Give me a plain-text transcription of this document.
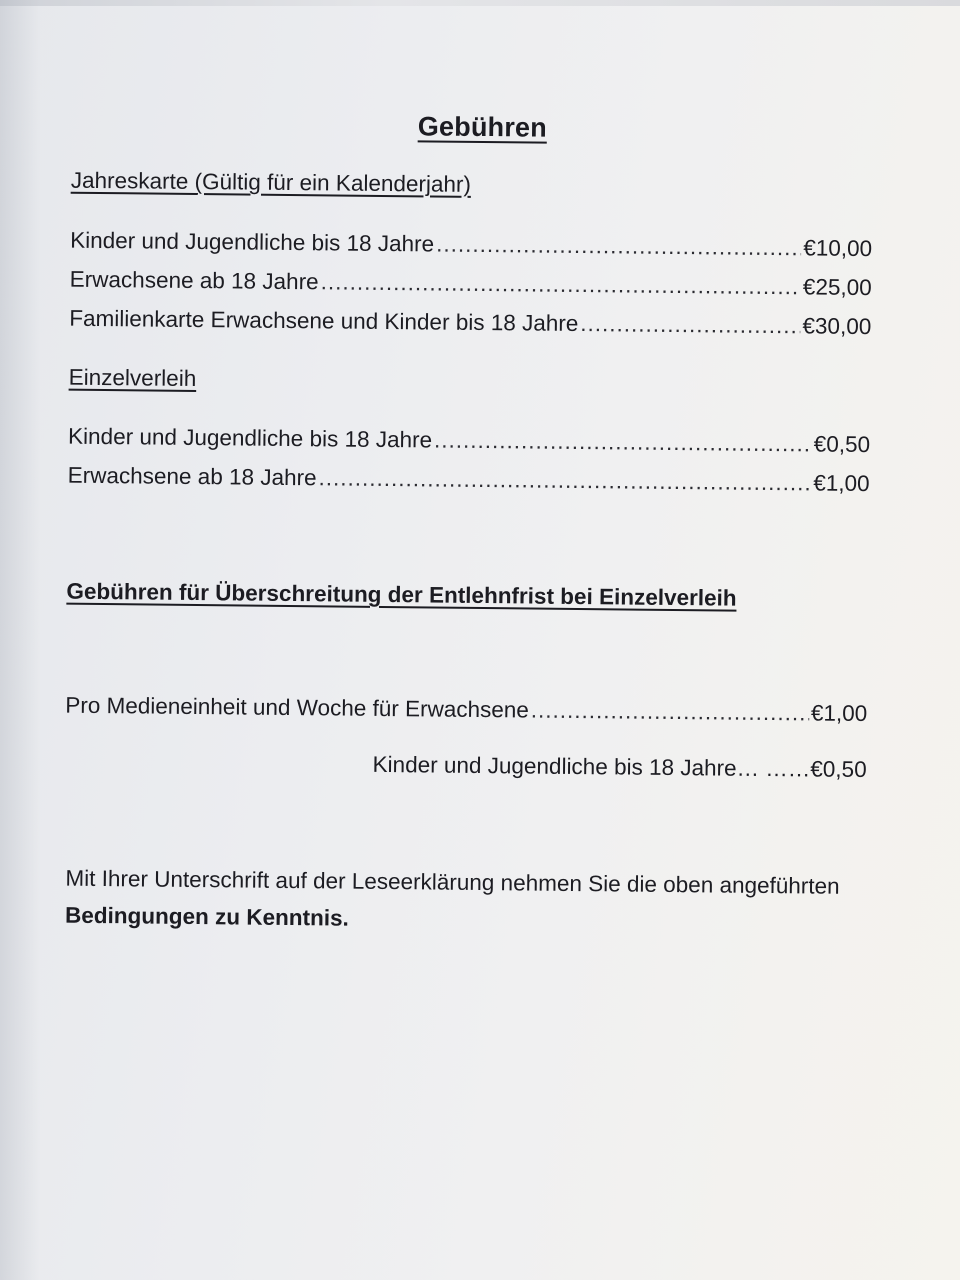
Gebühren
Jahreskarte (Gültig für ein Kalenderjahr)
Kinder und Jugendliche bis 18 Jahre .....	€10,00
Erwachsene ab 18 Jahre .....	€25,00
Familienkarte Erwachsene und Kinder bis 18 Jahre .....	€30,00
Einzelverleih
Kinder und Jugendliche bis 18 Jahre .....	€0,50
Erwachsene ab 18 Jahre .....	€1,00
Gebühren für Überschreitung der Entlehnfrist bei Einzelverleih
Pro Medieneinheit und Woche für Erwachsene .....	€1,00
Kinder und Jugendliche bis 18 Jahre… ……€0,50
Mit Ihrer Unterschrift auf der Leseerklärung nehmen Sie die oben angeführten Bedingungen zu Kenntnis.
